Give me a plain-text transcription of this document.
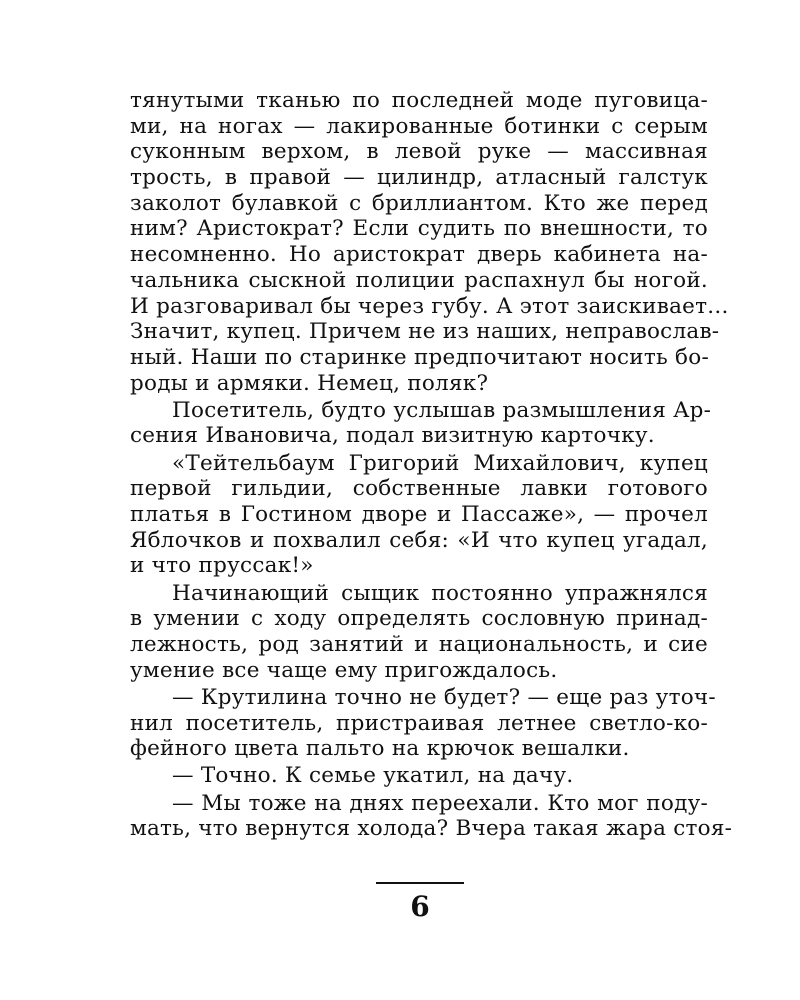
тянутыми тканью по последней моде пуговица-
ми, на ногах — лакированные ботинки с серым
суконным верхом, в левой руке — массивная
трость, в правой — цилиндр, атласный галстук
заколот булавкой с бриллиантом. Кто же перед
ним? Аристократ? Если судить по внешности, то
несомненно. Но аристократ дверь кабинета на-
чальника сыскной полиции распахнул бы ногой.
И разговаривал бы через губу. А этот заискивает...
Значит, купец. Причем не из наших, неправослав-
ный. Наши по старинке предпочитают носить бо-
роды и армяки. Немец, поляк?
Посетитель, будто услышав размышления Ар-
сения Ивановича, подал визитную карточку.
«Тейтельбаум Григорий Михайлович, купец
первой гильдии, собственные лавки готового
платья в Гостином дворе и Пассаже», — прочел
Яблочков и похвалил себя: «И что купец угадал,
и что пруссак!»
Начинающий сыщик постоянно упражнялся
в умении с ходу определять сословную принад-
лежность, род занятий и национальность, и сие
умение все чаще ему пригождалось.
— Крутилина точно не будет? — еще раз уточ-
нил посетитель, пристраивая летнее светло-ко-
фейного цвета пальто на крючок вешалки.
— Точно. К семье укатил, на дачу.
— Мы тоже на днях переехали. Кто мог поду-
мать, что вернутся холода? Вчера такая жара стоя-
6
